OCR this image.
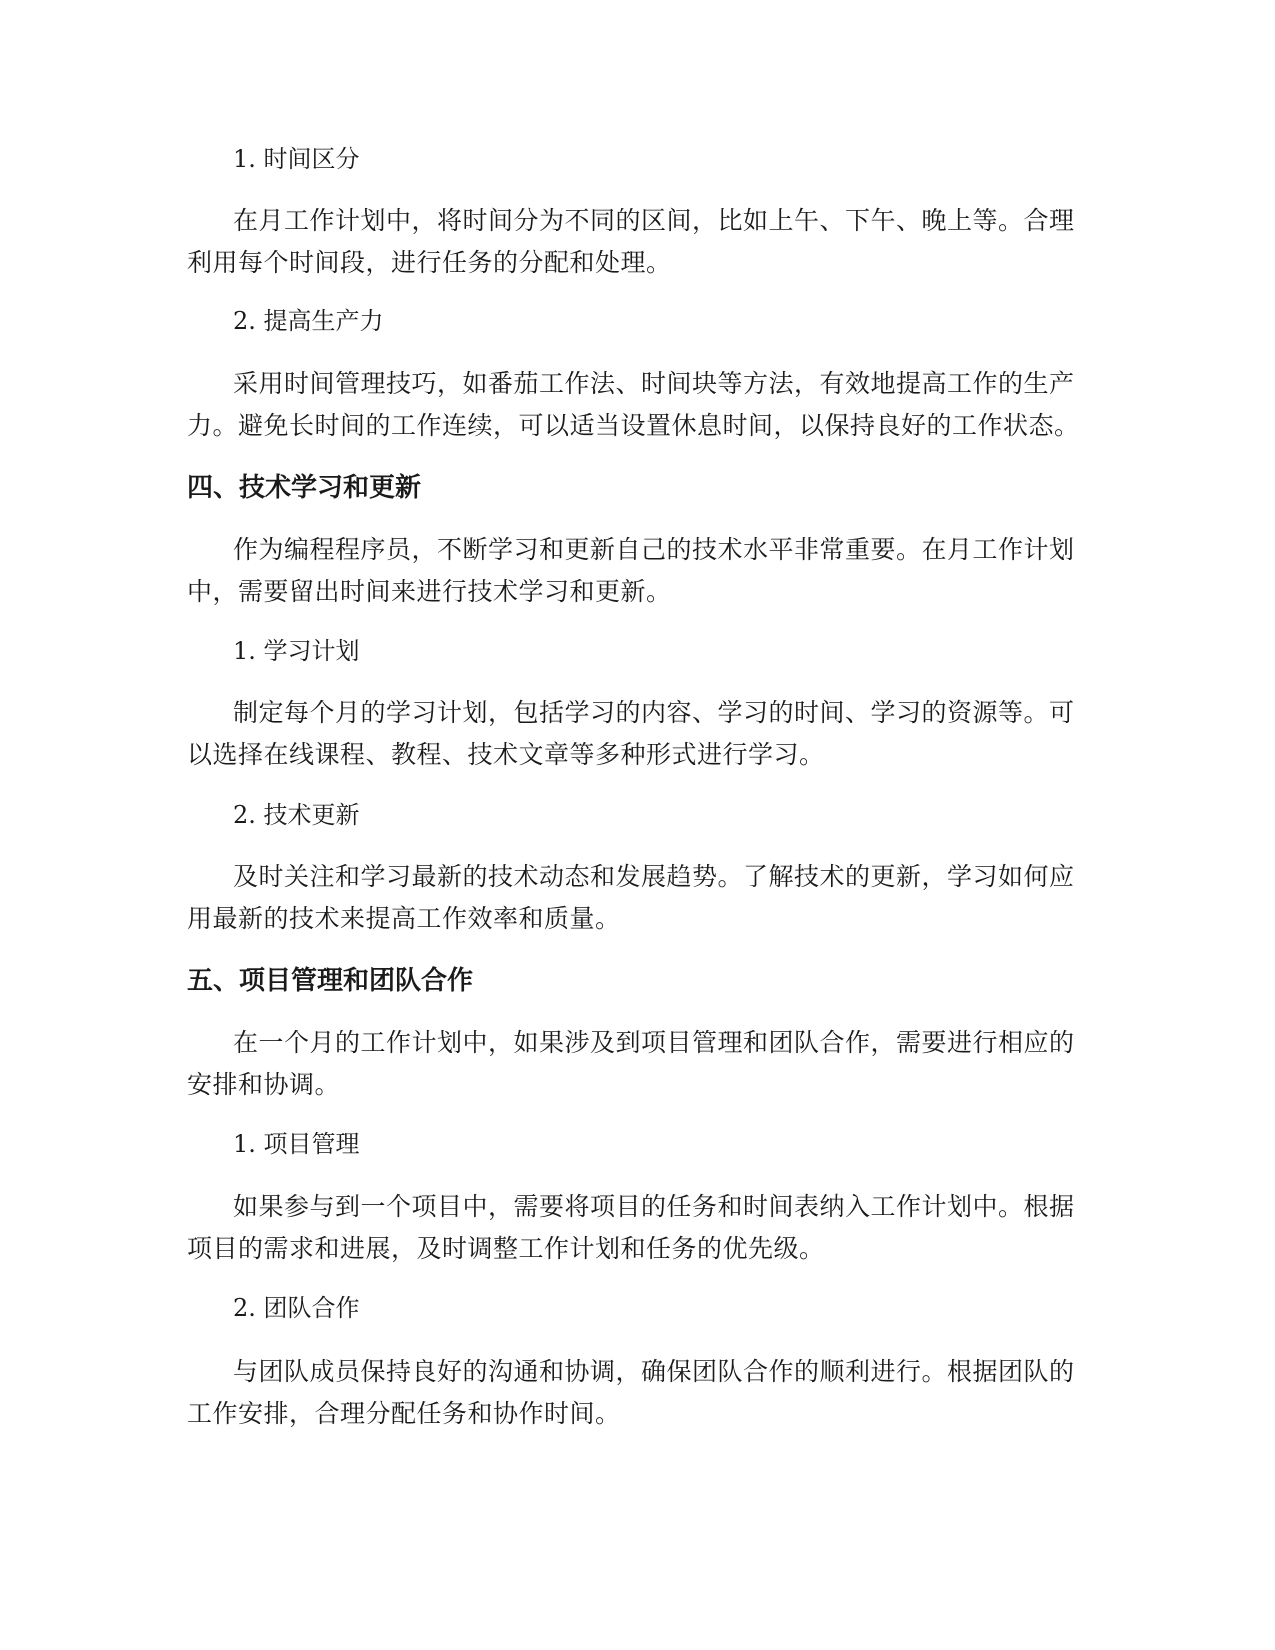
1. 时间区分

在月工作计划中，将时间分为不同的区间，比如上午、下午、晚上等。合理利用每个时间段，进行任务的分配和处理。

2. 提高生产力

采用时间管理技巧，如番茄工作法、时间块等方法，有效地提高工作的生产力。避免长时间的工作连续，可以适当设置休息时间，以保持良好的工作状态。

四、技术学习和更新

作为编程程序员，不断学习和更新自己的技术水平非常重要。在月工作计划中，需要留出时间来进行技术学习和更新。

1. 学习计划

制定每个月的学习计划，包括学习的内容、学习的时间、学习的资源等。可以选择在线课程、教程、技术文章等多种形式进行学习。

2. 技术更新

及时关注和学习最新的技术动态和发展趋势。了解技术的更新，学习如何应用最新的技术来提高工作效率和质量。

五、项目管理和团队合作

在一个月的工作计划中，如果涉及到项目管理和团队合作，需要进行相应的安排和协调。

1. 项目管理

如果参与到一个项目中，需要将项目的任务和时间表纳入工作计划中。根据项目的需求和进展，及时调整工作计划和任务的优先级。

2. 团队合作

与团队成员保持良好的沟通和协调，确保团队合作的顺利进行。根据团队的工作安排，合理分配任务和协作时间。
